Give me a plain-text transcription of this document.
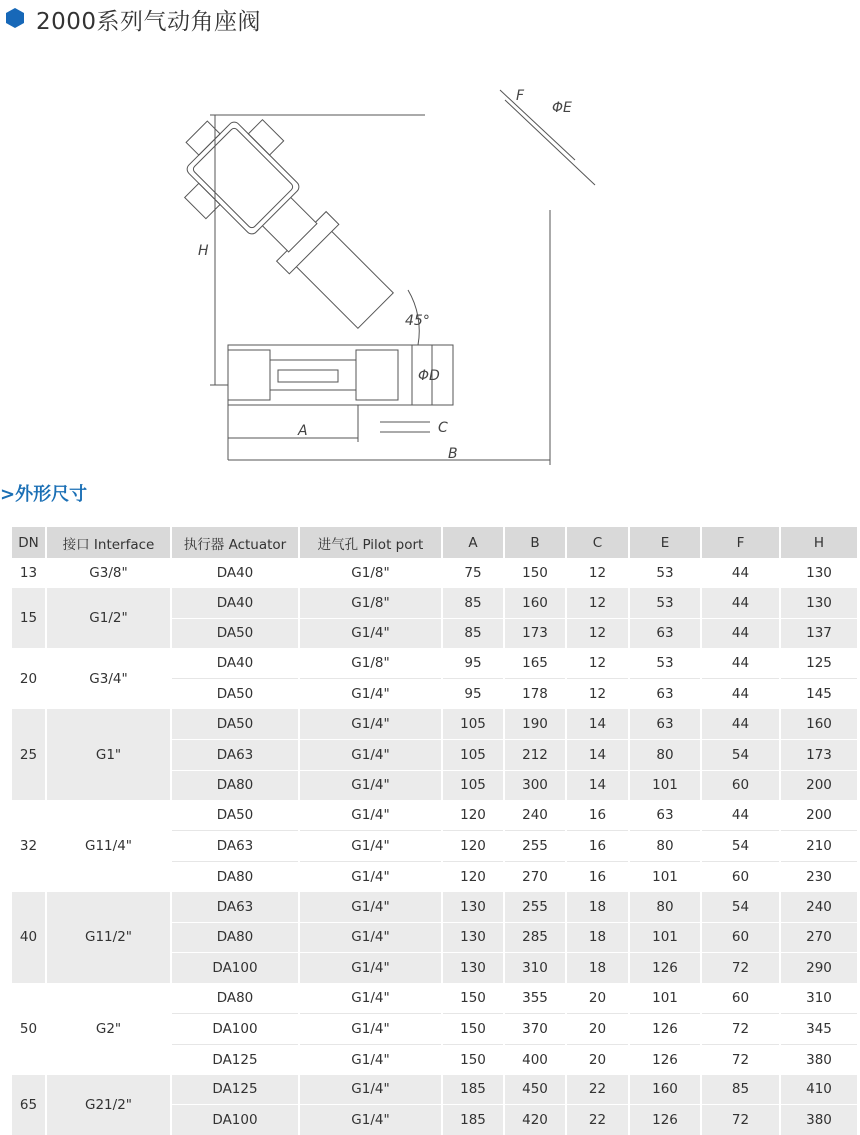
2000系列气动角座阀
F
ΦE
H
45°
ΦD
C
A
B
>外形尺寸
DN	接口 Interface	执行器 Actuator	进气孔 Pilot port	A	B	C	E	F	H
13	G3/8"	DA40	G1/8"	75	150	12	53	44	130
15	G1/2"	DA40	G1/8"	85	160	12	53	44	130
		DA50	G1/4"	85	173	12	63	44	137
20	G3/4"	DA40	G1/8"	95	165	12	53	44	125
		DA50	G1/4"	95	178	12	63	44	145
25	G1"	DA50	G1/4"	105	190	14	63	44	160
		DA63	G1/4"	105	212	14	80	54	173
		DA80	G1/4"	105	300	14	101	60	200
32	G11/4"	DA50	G1/4"	120	240	16	63	44	200
		DA63	G1/4"	120	255	16	80	54	210
		DA80	G1/4"	120	270	16	101	60	230
40	G11/2"	DA63	G1/4"	130	255	18	80	54	240
		DA80	G1/4"	130	285	18	101	60	270
		DA100	G1/4"	130	310	18	126	72	290
50	G2"	DA80	G1/4"	150	355	20	101	60	310
		DA100	G1/4"	150	370	20	126	72	345
		DA125	G1/4"	150	400	20	126	72	380
65	G21/2"	DA125	G1/4"	185	450	22	160	85	410
		DA100	G1/4"	185	420	22	126	72	380
